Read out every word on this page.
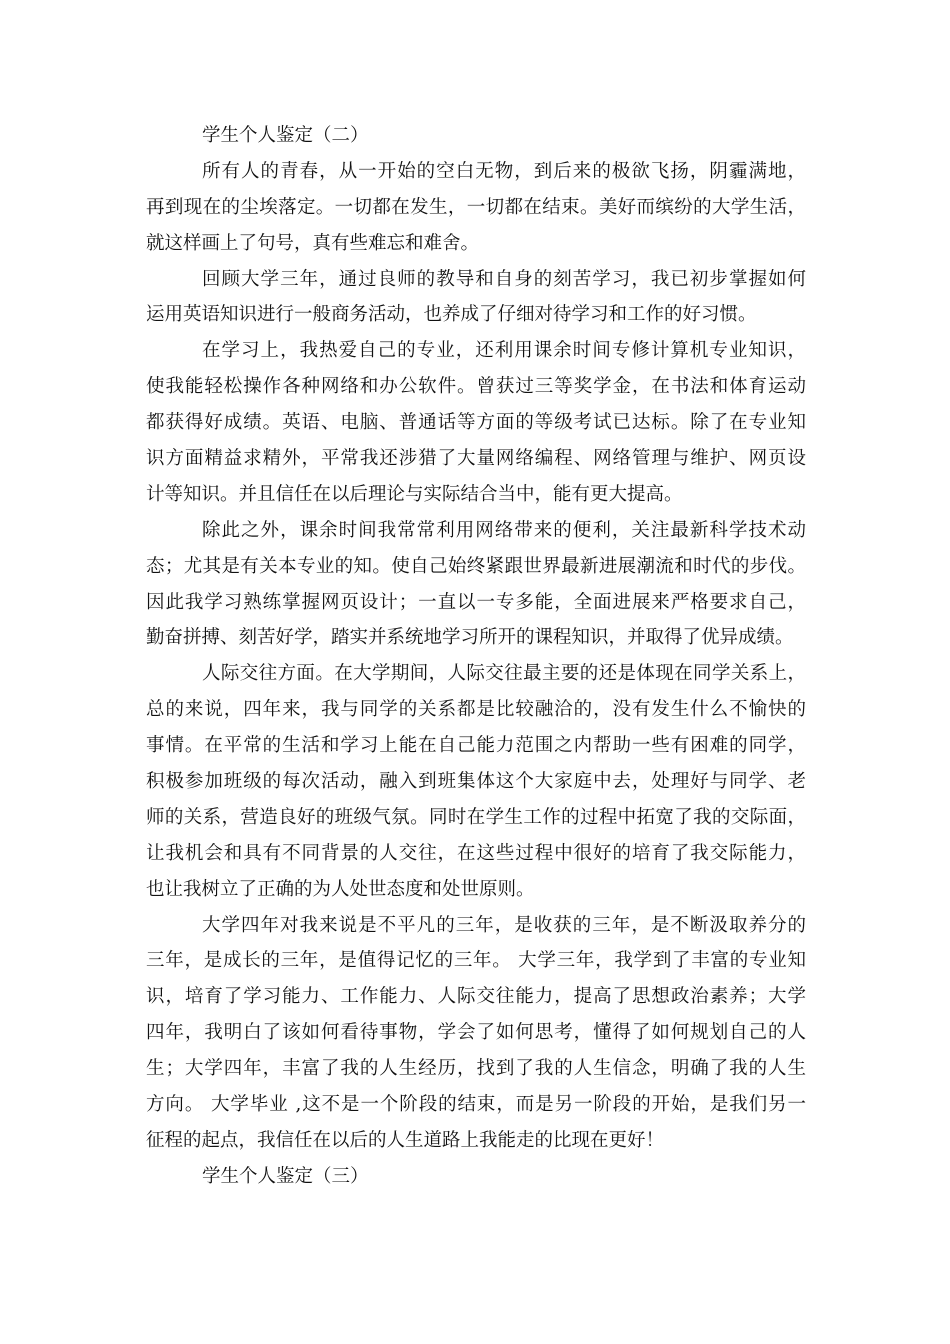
学生个人鉴定（二）
所有人的青春，从一开始的空白无物，到后来的极欲飞扬，阴霾满地，
再到现在的尘埃落定。一切都在发生，一切都在结束。美好而缤纷的大学生活，
就这样画上了句号，真有些难忘和难舍。
回顾大学三年，通过良师的教导和自身的刻苦学习，我已初步掌握如何
运用英语知识进行一般商务活动，也养成了仔细对待学习和工作的好习惯。
在学习上，我热爱自己的专业，还利用课余时间专修计算机专业知识，
使我能轻松操作各种网络和办公软件。曾获过三等奖学金，在书法和体育运动
都获得好成绩。英语、电脑、普通话等方面的等级考试已达标。除了在专业知
识方面精益求精外，平常我还涉猎了大量网络编程、网络管理与维护、网页设
计等知识。并且信任在以后理论与实际结合当中，能有更大提高。
除此之外，课余时间我常常利用网络带来的便利，关注最新科学技术动
态；尤其是有关本专业的知。使自己始终紧跟世界最新进展潮流和时代的步伐。
因此我学习熟练掌握网页设计；一直以一专多能，全面进展来严格要求自己，
勤奋拼搏、刻苦好学，踏实并系统地学习所开的课程知识，并取得了优异成绩。
人际交往方面。在大学期间，人际交往最主要的还是体现在同学关系上，
总的来说，四年来，我与同学的关系都是比较融洽的，没有发生什么不愉快的
事情。在平常的生活和学习上能在自己能力范围之内帮助一些有困难的同学，
积极参加班级的每次活动，融入到班集体这个大家庭中去，处理好与同学、老
师的关系，营造良好的班级气氛。同时在学生工作的过程中拓宽了我的交际面，
让我机会和具有不同背景的人交往，在这些过程中很好的培育了我交际能力，
也让我树立了正确的为人处世态度和处世原则。
大学四年对我来说是不平凡的三年，是收获的三年，是不断汲取养分的
三年，是成长的三年，是值得记忆的三年。 大学三年，我学到了丰富的专业知
识，培育了学习能力、工作能力、人际交往能力，提高了思想政治素养；大学
四年，我明白了该如何看待事物，学会了如何思考，懂得了如何规划自己的人
生；大学四年，丰富了我的人生经历，找到了我的人生信念，明确了我的人生
方向。 大学毕业 ,这不是一个阶段的结束，而是另一阶段的开始，是我们另一
征程的起点，我信任在以后的人生道路上我能走的比现在更好！
学生个人鉴定（三）
